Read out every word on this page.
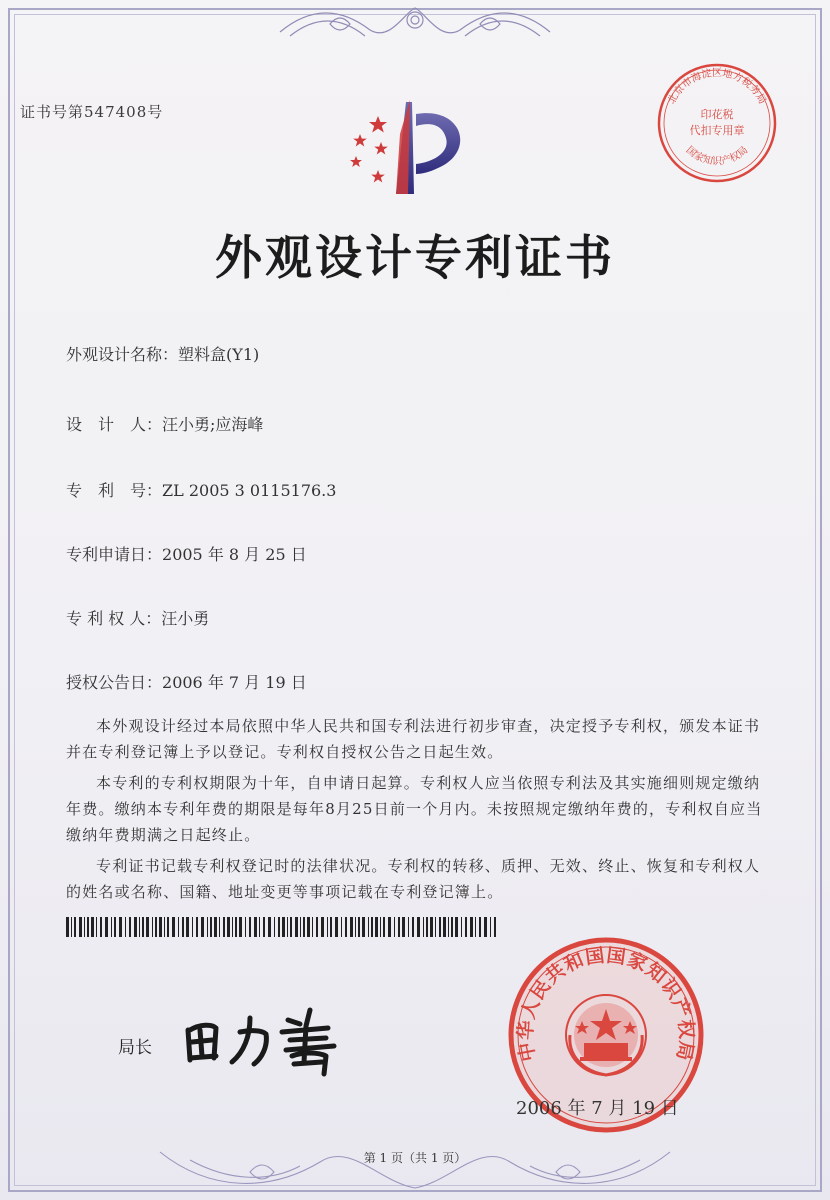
证书号第547408号
北京市海淀区地方税务局
印花税
代扣专用章
国家知识产权局
外观设计专利证书
外观设计名称：塑料盒(Y1)
设　计　人：汪小勇;应海峰
专　利　号：ZL 2005 3 0115176.3
专利申请日：2005 年 8 月 25 日
专 利 权 人：汪小勇
授权公告日：2006 年 7 月 19 日

本外观设计经过本局依照中华人民共和国专利法进行初步审查，决定授予专利权，颁发本证书并在专利登记簿上予以登记。专利权自授权公告之日起生效。

本专利的专利权期限为十年，自申请日起算。专利权人应当依照专利法及其实施细则规定缴纳年费。缴纳本专利年费的期限是每年8月25日前一个月内。未按照规定缴纳年费的，专利权自应当缴纳年费期满之日起终止。

专利证书记载专利权登记时的法律状况。专利权的转移、质押、无效、终止、恢复和专利权人的姓名或名称、国籍、地址变更等事项记载在专利登记簿上。

局长
田力普
中华人民共和国国家知识产权局
2006 年 7 月 19 日
第 1 页（共 1 页）
